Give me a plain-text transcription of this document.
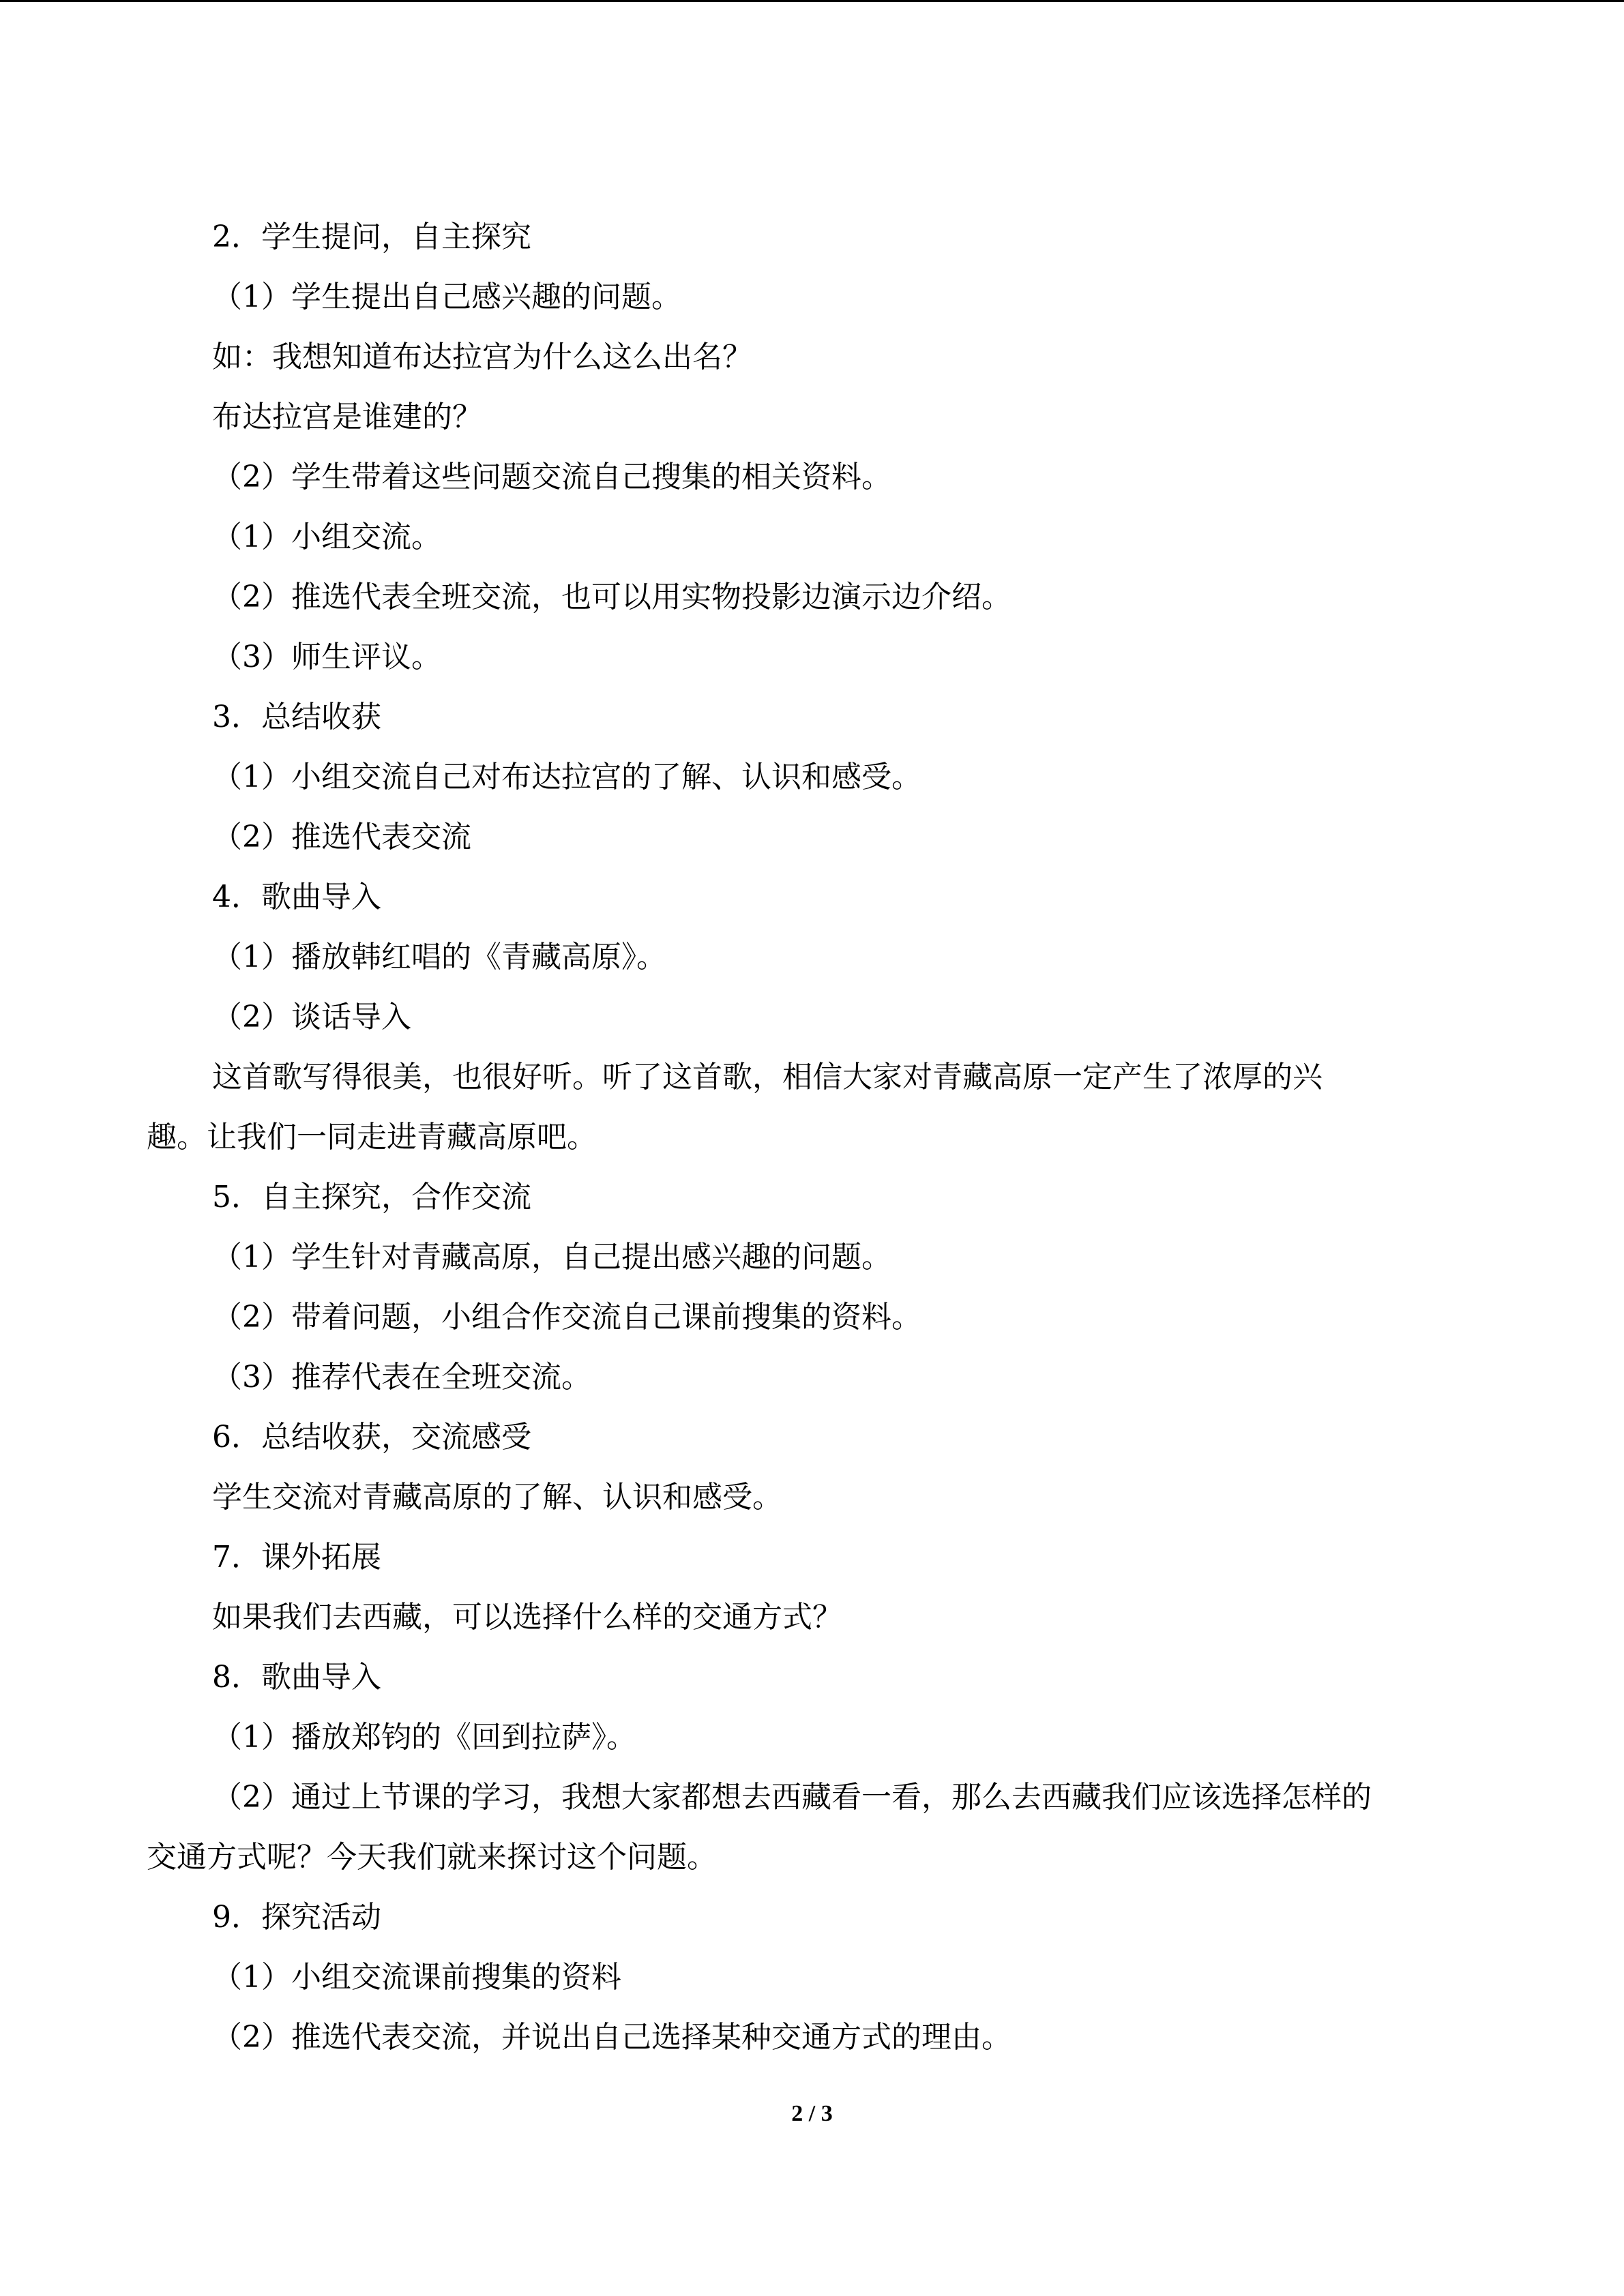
2．学生提问，自主探究

（1）学生提出自己感兴趣的问题。

如：我想知道布达拉宫为什么这么出名？

布达拉宫是谁建的？

（2）学生带着这些问题交流自己搜集的相关资料。

（1）小组交流。

（2）推选代表全班交流，也可以用实物投影边演示边介绍。

（3）师生评议。

3．总结收获

（1）小组交流自己对布达拉宫的了解、认识和感受。

（2）推选代表交流

4．歌曲导入

（1）播放韩红唱的《青藏高原》。

（2）谈话导入

这首歌写得很美，也很好听。听了这首歌，相信大家对青藏高原一定产生了浓厚的兴

趣。让我们一同走进青藏高原吧。

5．自主探究，合作交流

（1）学生针对青藏高原，自己提出感兴趣的问题。

（2）带着问题，小组合作交流自己课前搜集的资料。

（3）推荐代表在全班交流。

6．总结收获，交流感受

学生交流对青藏高原的了解、认识和感受。

7．课外拓展

如果我们去西藏，可以选择什么样的交通方式？

8．歌曲导入

（1）播放郑钧的《回到拉萨》。

（2）通过上节课的学习，我想大家都想去西藏看一看，那么去西藏我们应该选择怎样的

交通方式呢？今天我们就来探讨这个问题。

9．探究活动

（1）小组交流课前搜集的资料

（2）推选代表交流，并说出自己选择某种交通方式的理由。

2 / 3
